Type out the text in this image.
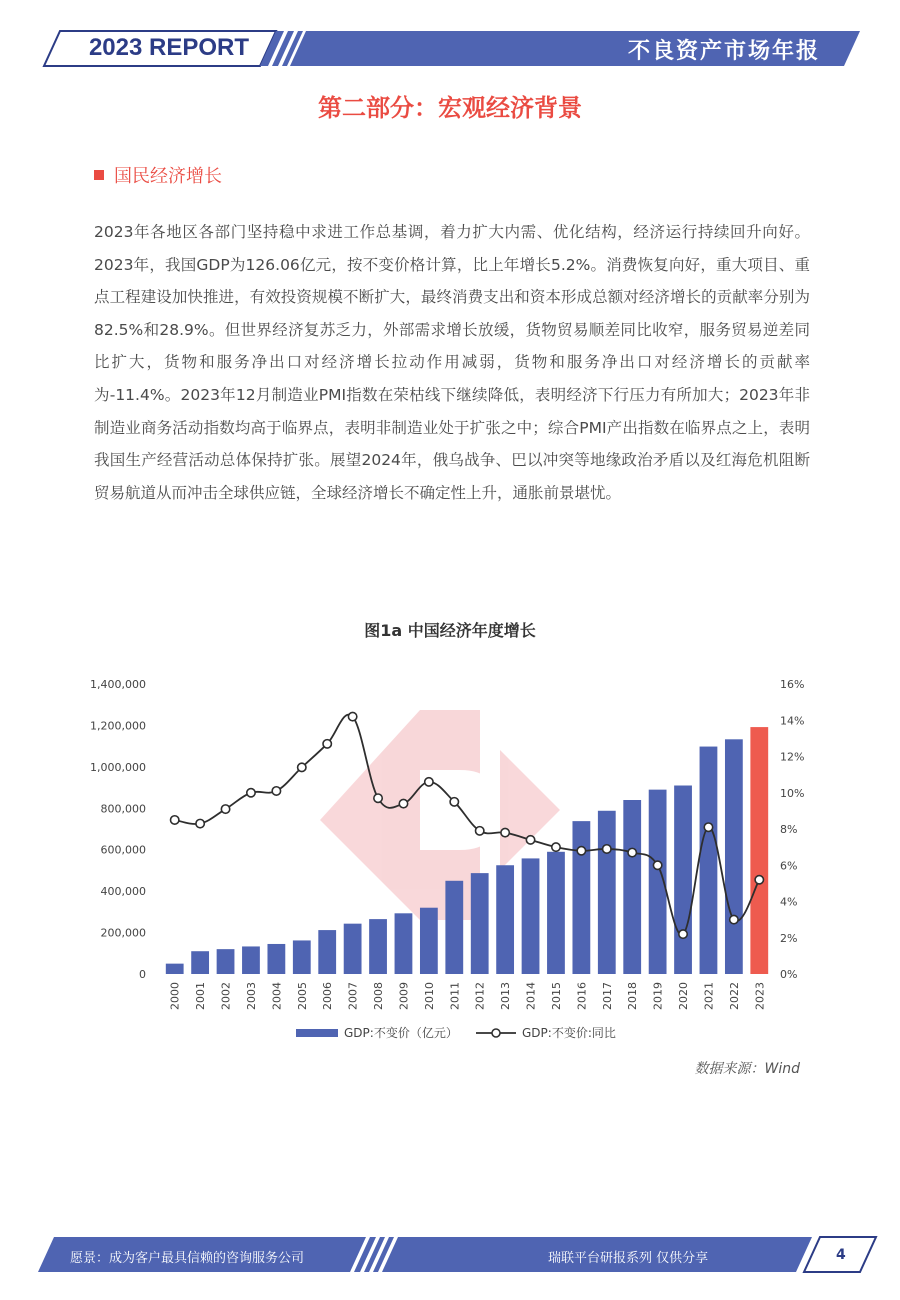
2023 REPORT	不良资产市场年报
第二部分：宏观经济背景
国民经济增长
2023年各地区各部门坚持稳中求进工作总基调，着力扩大内需、优化结构，经济运行持续回升向好。2023年，我国GDP为126.06亿元，按不变价格计算，比上年增长5.2%。消费恢复向好，重大项目、重点工程建设加快推进，有效投资规模不断扩大，最终消费支出和资本形成总额对经济增长的贡献率分别为82.5%和28.9%。但世界经济复苏乏力，外部需求增长放缓，货物贸易顺差同比收窄，服务贸易逆差同比扩大，货物和服务净出口对经济增长拉动作用减弱，货物和服务净出口对经济增长的贡献率为-11.4%。2023年12月制造业PMI指数在荣枯线下继续降低，表明经济下行压力有所加大；2023年非制造业商务活动指数均高于临界点，表明非制造业处于扩张之中；综合PMI产出指数在临界点之上，表明我国生产经营活动总体保持扩张。展望2024年，俄乌战争、巴以冲突等地缘政治矛盾以及红海危机阻断贸易航道从而冲击全球供应链，全球经济增长不确定性上升，通胀前景堪忧。
图1a 中国经济年度增长
0
200,000
400,000
600,000
800,000
1,000,000
1,200,000
1,400,000
0%
2%
4%
6%
8%
10%
12%
14%
16%
2000 2001 2002 2003 2004 2005 2006 2007 2008 2009 2010 2011 2012 2013 2014 2015 2016 2017 2018 2019 2020 2021 2022 2023
GDP:不变价（亿元）	GDP:不变价:同比
数据来源：Wind
愿景：成为客户最具信赖的咨询服务公司	瑞联平台研报系列 仅供分享	4
